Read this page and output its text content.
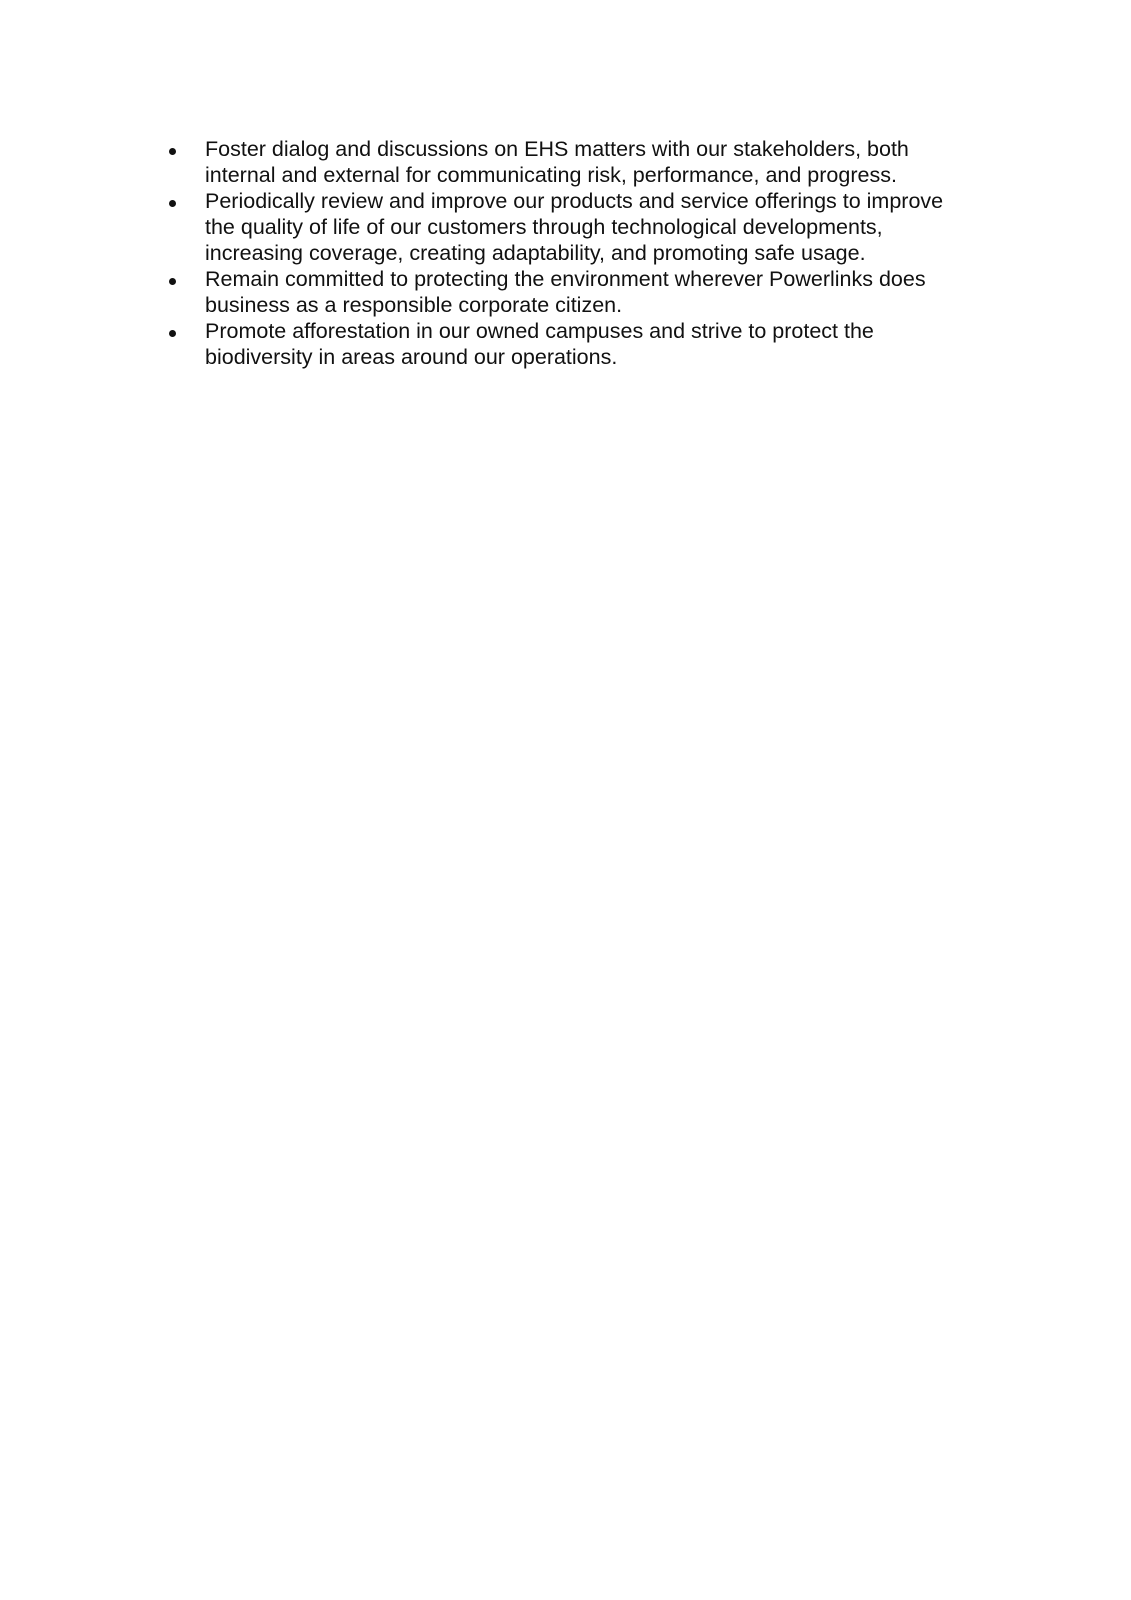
Foster dialog and discussions on EHS matters with our stakeholders, both
internal and external for communicating risk, performance, and progress.
Periodically review and improve our products and service offerings to improve
the quality of life of our customers through technological developments,
increasing coverage, creating adaptability, and promoting safe usage.
Remain committed to protecting the environment wherever Powerlinks does
business as a responsible corporate citizen.
Promote afforestation in our owned campuses and strive to protect the
biodiversity in areas around our operations.
